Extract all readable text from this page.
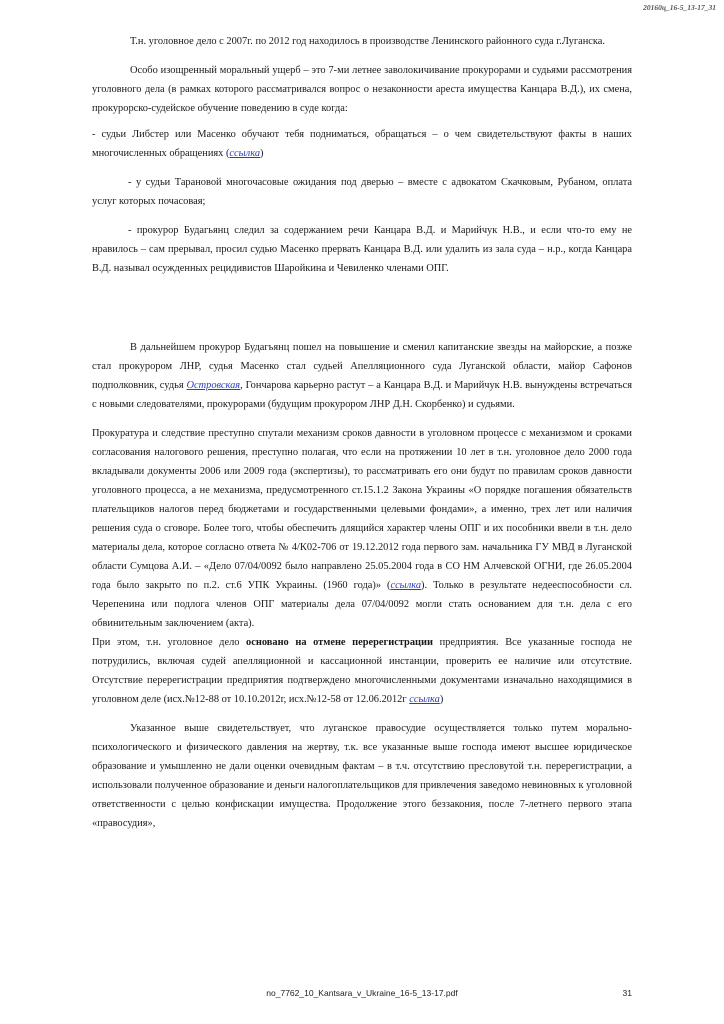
20160ц_16-5_13-17_31

Т.н. уголовное дело с 2007г. по 2012 год находилось в производстве Ленинского районного суда г.Луганска.

Особо изощренный моральный ущерб – это 7-ми летнее заволокичивание прокурорами и судьями рассмотрения уголовного дела (в рамках которого рассматривался вопрос о незаконности ареста имущества Канцара В.Д.), их смена, прокурорско-судейское обучение поведению в суде когда:

- судьи Либстер или Масенко обучают тебя подниматься, обращаться – о чем свидетельствуют факты в наших многочисленных обращениях (ссылка)

- у судьи Тарановой многочасовые ожидания под дверью – вместе с адвокатом Скачковым, Рубаном, оплата услуг которых почасовая;

- прокурор Будагьянц следил за содержанием речи Канцара В.Д. и Марийчук Н.В., и если что-то ему не нравилось – сам прерывал, просил судью Масенко прервать Канцара В.Д. или удалить из зала суда – н.р., когда Канцара В.Д. называл осужденных рецидивистов Шаройкина и Чевиленко членами ОПГ.

В дальнейшем прокурор Будагьянц пошел на повышение и сменил капитанские звезды на майорские, а позже стал прокурором ЛНР, судья Масенко стал судьей Апелляционного суда Луганской области, майор Сафонов подполковник, судья Островская, Гончарова карьерно растут – а Канцара В.Д. и Марийчук Н.В. вынуждены встречаться с новыми следователями, прокурорами (будущим прокурором ЛНР Д.Н. Скорбенко) и судьями.

Прокуратура и следствие преступно спутали механизм сроков давности в уголовном процессе с механизмом и сроками согласования налогового решения, преступно полагая, что если на протяжении 10 лет в т.н. уголовное дело 2000 года вкладывали документы 2006 или 2009 года (экспертизы), то рассматривать его они будут по правилам сроков давности уголовного процесса, а не механизма, предусмотренного ст.15.1.2 Закона Украины «О порядке погашения обязательств плательщиков налогов перед бюджетами и государственными целевыми фондами», а именно, трех лет или наличия решения суда о сговоре. Более того, чтобы обеспечить длящийся характер члены ОПГ и их пособники ввели в т.н. дело материалы дела, которое согласно ответа № 4/К02-706 от 19.12.2012 года первого зам. начальника ГУ МВД в Луганской области Сумцова А.И. – «Дело 07/04/0092 было направлено 25.05.2004 года в СО НМ Алчевской ОГНИ, где 26.05.2004 года было закрыто по п.2. ст.6 УПК Украины. (1960 года)» (ссылка). Только в результате недееспособности сл. Черепенина или подлога членов ОПГ материалы дела 07/04/0092 могли стать основанием для т.н. дела с его обвинительным заключением (акта).

При этом, т.н. уголовное дело основано на отмене перерегистрации предприятия. Все указанные господа не потрудились, включая судей апелляционной и кассационной инстанции, проверить ее наличие или отсутствие. Отсутствие перерегистрации предприятия подтверждено многочисленными документами изначально находящимися в уголовном деле (исх.№12-88 от 10.10.2012г, исх.№12-58 от 12.06.2012г ссылка)

Указанное выше свидетельствует, что луганское правосудие осуществляется только путем морально-психологического и физического давления на жертву, т.к. все указанные выше господа имеют высшее юридическое образование и умышленно не дали оценки очевидным фактам – в т.ч. отсутствию пресловутой т.н. перерегистрации, а использовали полученное образование и деньги налогоплательщиков для привлечения заведомо невиновных к уголовной ответственности с целью конфискации имущества. Продолжение этого беззакония, после 7-летнего первого этапа «правосудия»,

no_7762_10_Kantsara_v_Ukraine_16-5_13-17.pdf	31
